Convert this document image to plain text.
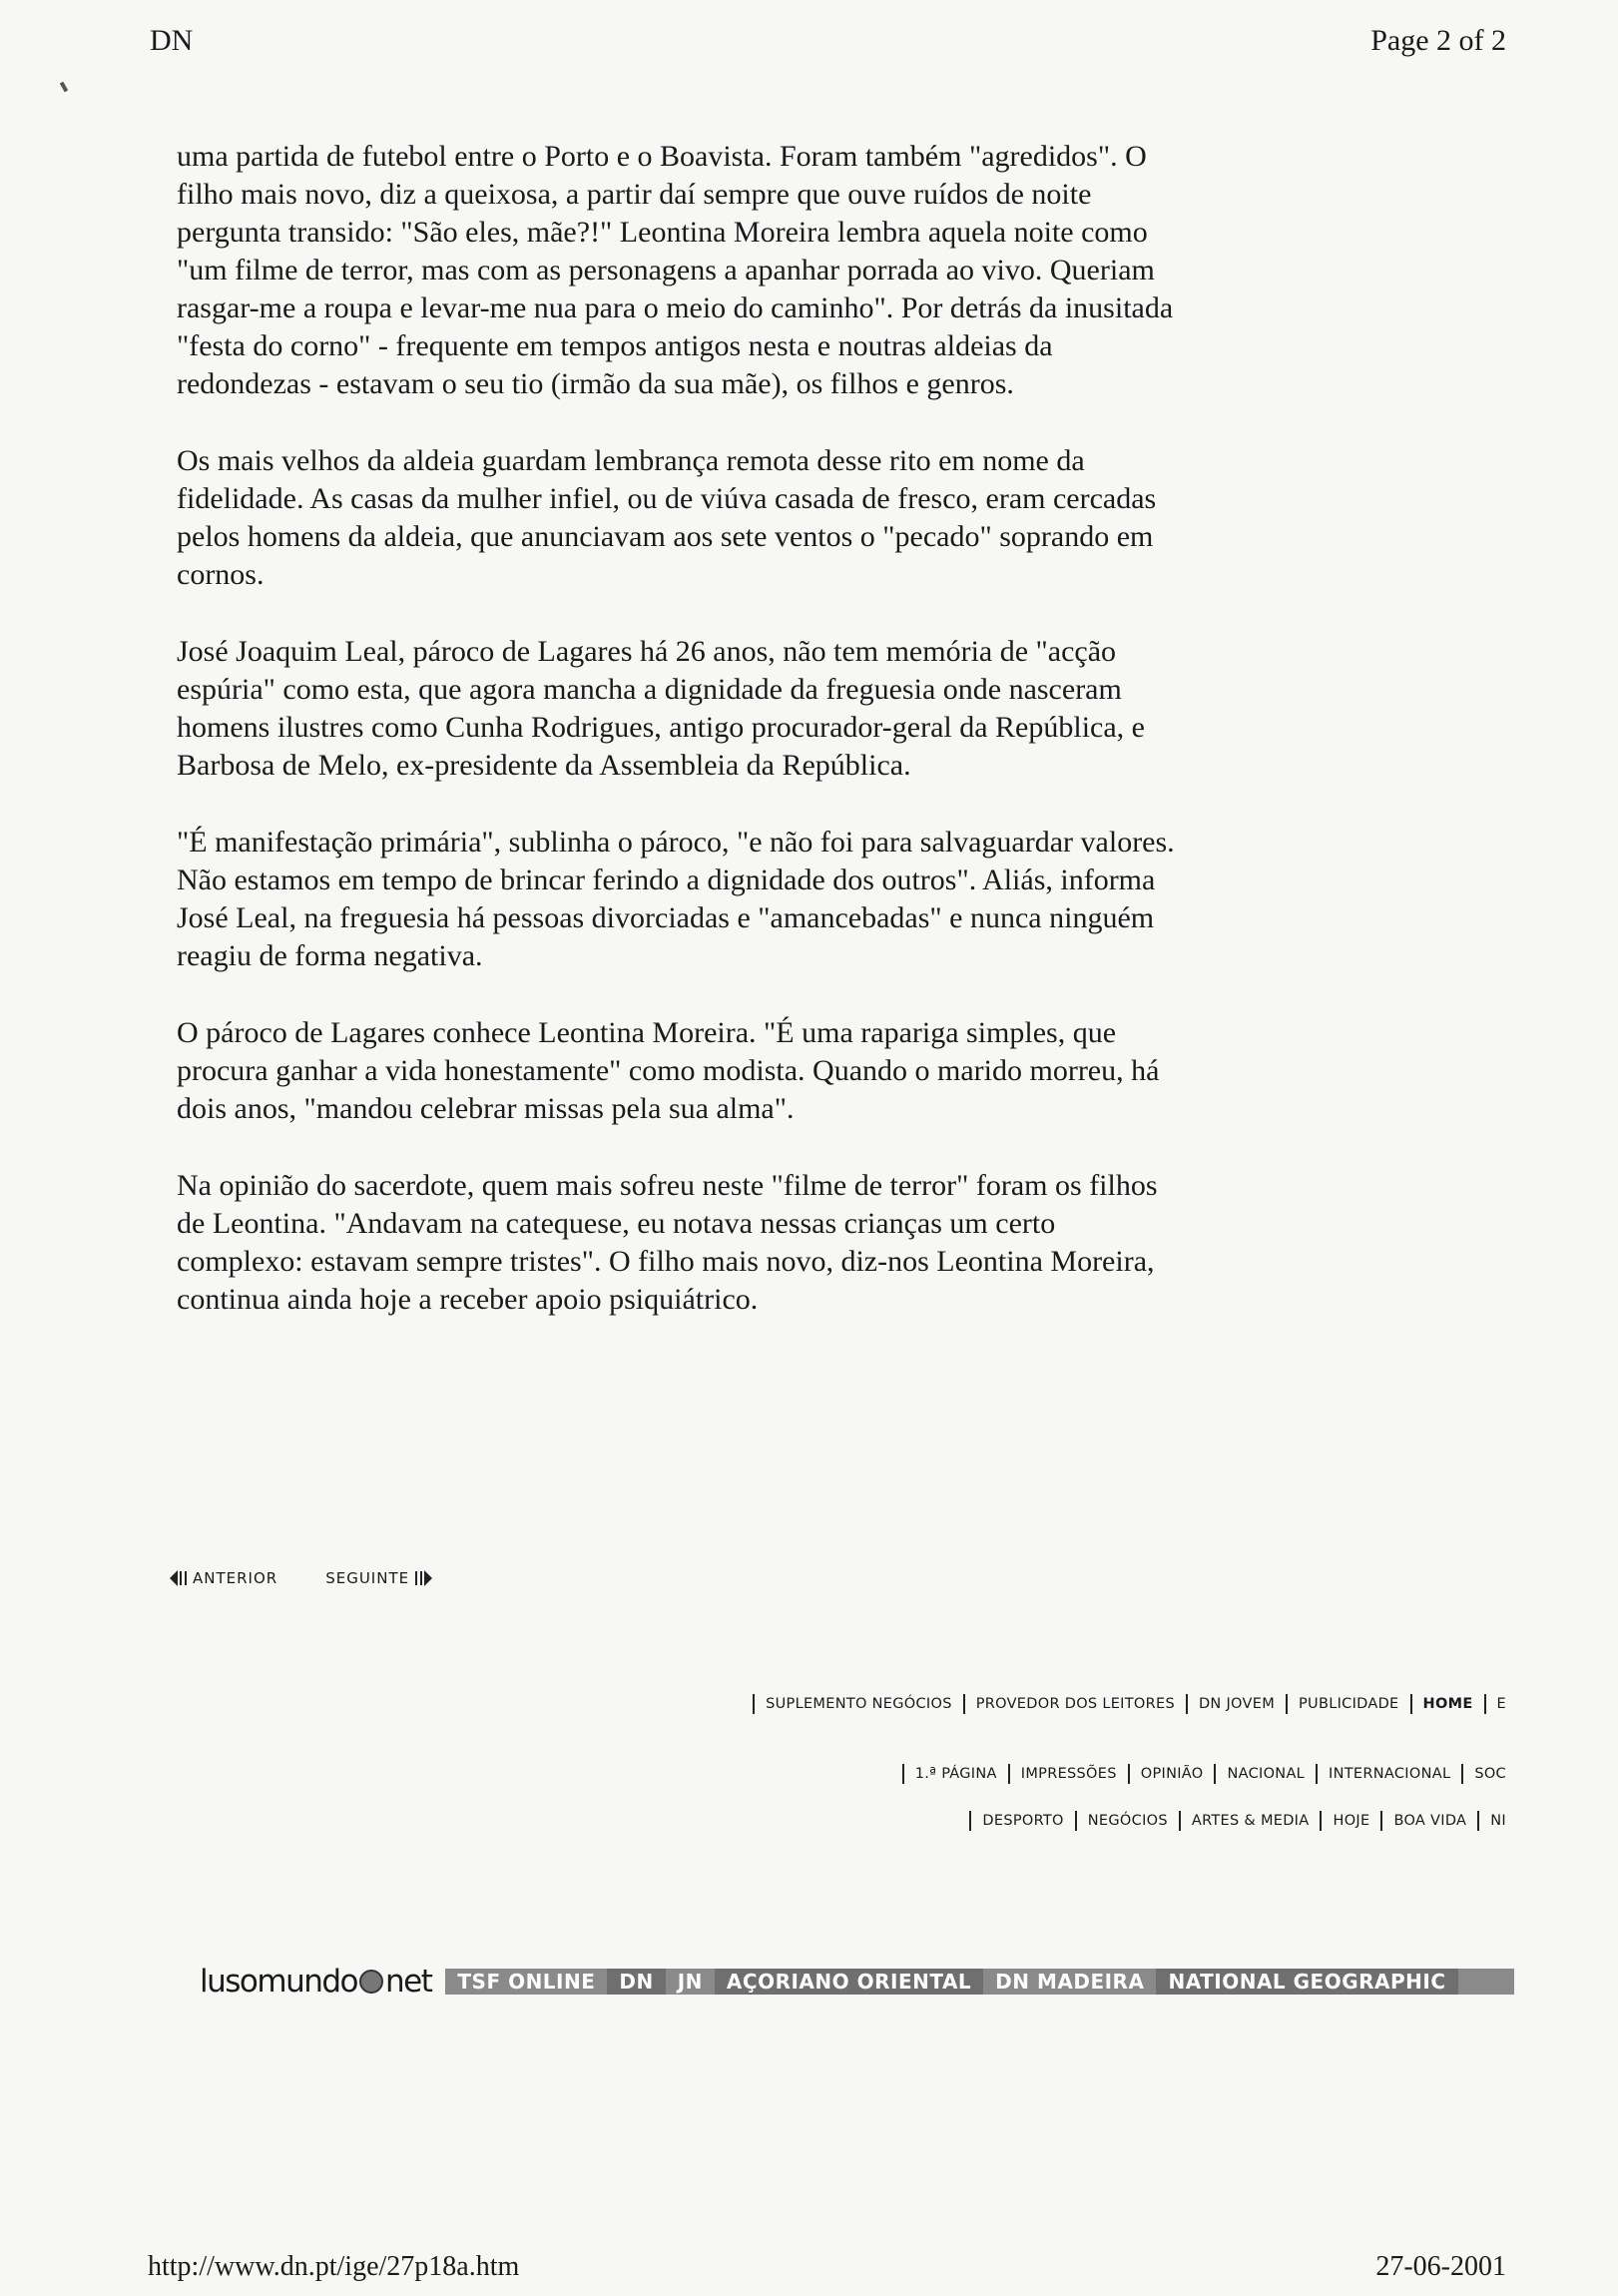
DN	Page 2 of 2

uma partida de futebol entre o Porto e o Boavista. Foram também "agredidos". O filho mais novo, diz a queixosa, a partir daí sempre que ouve ruídos de noite pergunta transido: "São eles, mãe?!" Leontina Moreira lembra aquela noite como "um filme de terror, mas com as personagens a apanhar porrada ao vivo. Queriam rasgar-me a roupa e levar-me nua para o meio do caminho". Por detrás da inusitada "festa do corno" - frequente em tempos antigos nesta e noutras aldeias da redondezas - estavam o seu tio (irmão da sua mãe), os filhos e genros.

Os mais velhos da aldeia guardam lembrança remota desse rito em nome da fidelidade. As casas da mulher infiel, ou de viúva casada de fresco, eram cercadas pelos homens da aldeia, que anunciavam aos sete ventos o "pecado" soprando em cornos.

José Joaquim Leal, pároco de Lagares há 26 anos, não tem memória de "acção espúria" como esta, que agora mancha a dignidade da freguesia onde nasceram homens ilustres como Cunha Rodrigues, antigo procurador-geral da República, e Barbosa de Melo, ex-presidente da Assembleia da República.

"É manifestação primária", sublinha o pároco, "e não foi para salvaguardar valores. Não estamos em tempo de brincar ferindo a dignidade dos outros". Aliás, informa José Leal, na freguesia há pessoas divorciadas e "amancebadas" e nunca ninguém reagiu de forma negativa.

O pároco de Lagares conhece Leontina Moreira. "É uma rapariga simples, que procura ganhar a vida honestamente" como modista. Quando o marido morreu, há dois anos, "mandou celebrar missas pela sua alma".

Na opinião do sacerdote, quem mais sofreu neste "filme de terror" foram os filhos de Leontina. "Andavam na catequese, eu notava nessas crianças um certo complexo: estavam sempre tristes". O filho mais novo, diz-nos Leontina Moreira, continua ainda hoje a receber apoio psiquiátrico.

ANTERIOR	SEGUINTE
SUPLEMENTO NEGÓCIOS PROVEDOR DOS LEITORES DN JOVEM PUBLICIDADE HOME E
1.ª PÁGINA IMPRESSÕES OPINIÃO NACIONAL INTERNACIONAL SOC
DESPORTO NEGÓCIOS ARTES & MEDIA HOJE BOA VIDA NI
lusomundo net	TSF ONLINE	DN	JN	AÇORIANO ORIENTAL	DN MADEIRA	NATIONAL GEOGRAPHIC
http://www.dn.pt/ige/27p18a.htm	27-06-2001
